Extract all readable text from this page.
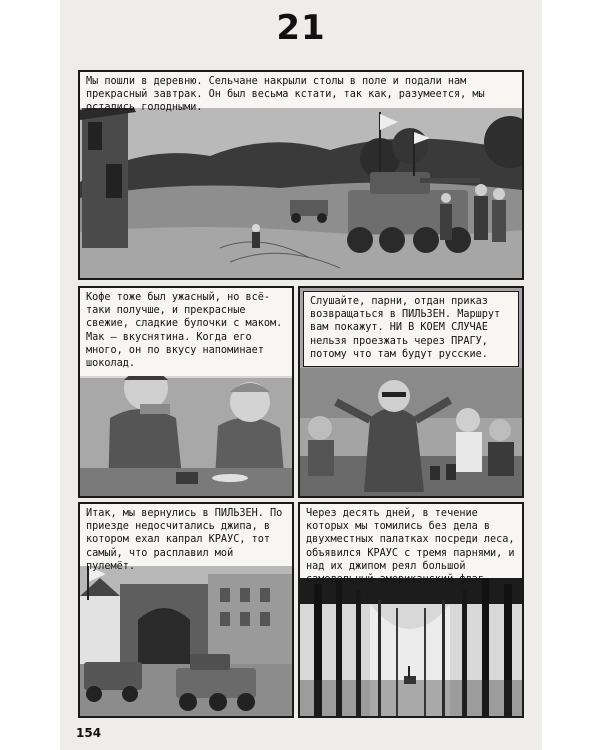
21
Мы пошли в деревню. Сельчане накрыли столы в поле и подали нам прекрасный завтрак. Он был весьма кстати, так как, разумеется, мы остались голодными.
Кофе тоже был ужасный, но всё-таки получше, и прекрасные свежие, сладкие булочки с маком. Мак – вкуснятина. Когда его много, он по вкусу напоминает шоколад.
Слушайте, парни, отдан приказ возвращаться в ПИЛЬЗЕН. Маршрут вам покажут. НИ В КОЕМ СЛУЧАЕ нельзя проезжать через ПРАГУ, потому что там будут русские.
Итак, мы вернулись в ПИЛЬЗЕН. По приезде недосчитались джипа, в котором ехал капрал КРАУС, тот самый, что расплавил мой пулемёт.
Через десять дней, в течение которых мы томились без дела в двухместных палатках посреди леса, объявился КРАУС с тремя парнями, и над их джипом реял большой самодельный американский флаг.
154
